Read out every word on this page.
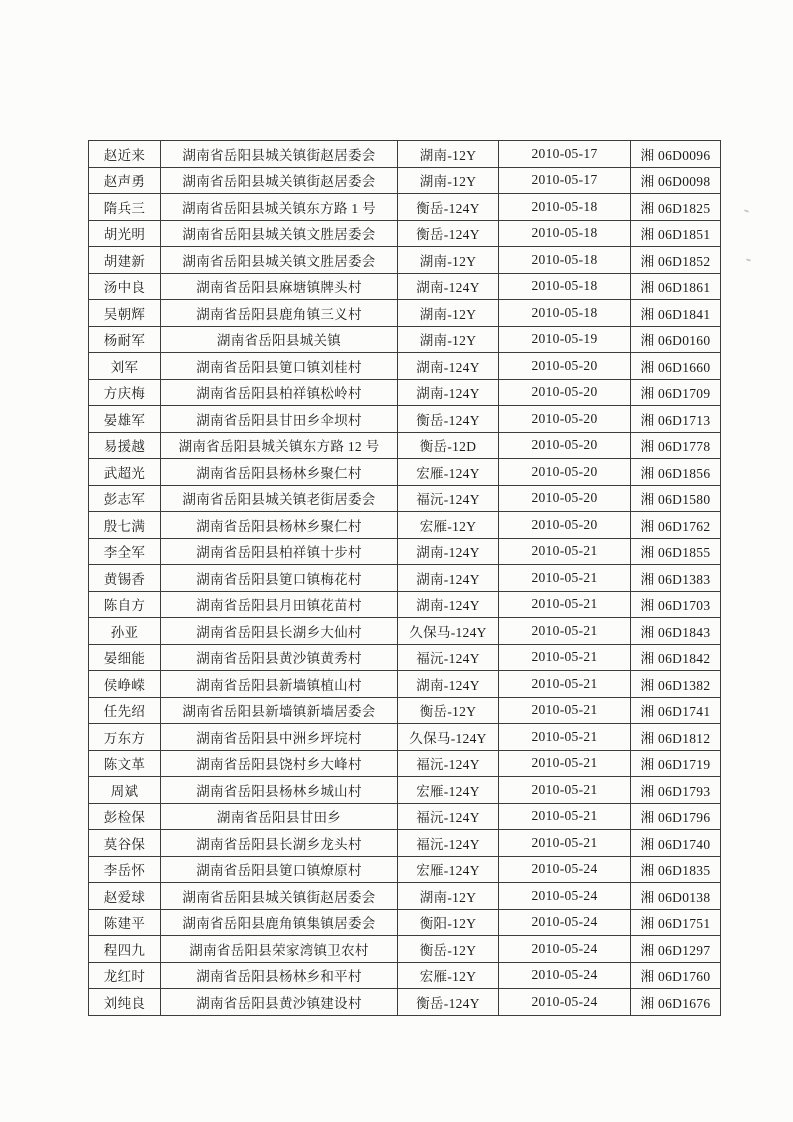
赵近来	湖南省岳阳县城关镇街赵居委会	湖南-12Y	2010-05-17	湘 06D0096
赵声勇	湖南省岳阳县城关镇街赵居委会	湖南-12Y	2010-05-17	湘 06D0098
隋兵三	湖南省岳阳县城关镇东方路 1 号	衡岳-124Y	2010-05-18	湘 06D1825
胡光明	湖南省岳阳县城关镇文胜居委会	衡岳-124Y	2010-05-18	湘 06D1851
胡建新	湖南省岳阳县城关镇文胜居委会	湖南-12Y	2010-05-18	湘 06D1852
汤中良	湖南省岳阳县麻塘镇牌头村	湖南-124Y	2010-05-18	湘 06D1861
吴朝辉	湖南省岳阳县鹿角镇三义村	湖南-12Y	2010-05-18	湘 06D1841
杨耐军	湖南省岳阳县城关镇	湖南-12Y	2010-05-19	湘 06D0160
刘军	湖南省岳阳县筻口镇刘桂村	湖南-124Y	2010-05-20	湘 06D1660
方庆梅	湖南省岳阳县柏祥镇松岭村	湖南-124Y	2010-05-20	湘 06D1709
晏雄军	湖南省岳阳县甘田乡伞坝村	衡岳-124Y	2010-05-20	湘 06D1713
易援越	湖南省岳阳县城关镇东方路 12 号	衡岳-12D	2010-05-20	湘 06D1778
武超光	湖南省岳阳县杨林乡聚仁村	宏雁-124Y	2010-05-20	湘 06D1856
彭志军	湖南省岳阳县城关镇老街居委会	福沅-124Y	2010-05-20	湘 06D1580
殷七满	湖南省岳阳县杨林乡聚仁村	宏雁-12Y	2010-05-20	湘 06D1762
李全军	湖南省岳阳县柏祥镇十步村	湖南-124Y	2010-05-21	湘 06D1855
黄锡香	湖南省岳阳县筻口镇梅花村	湖南-124Y	2010-05-21	湘 06D1383
陈自方	湖南省岳阳县月田镇花苗村	湖南-124Y	2010-05-21	湘 06D1703
孙亚	湖南省岳阳县长湖乡大仙村	久保马-124Y	2010-05-21	湘 06D1843
晏细能	湖南省岳阳县黄沙镇黄秀村	福沅-124Y	2010-05-21	湘 06D1842
侯峥嵘	湖南省岳阳县新墙镇植山村	湖南-124Y	2010-05-21	湘 06D1382
任先绍	湖南省岳阳县新墙镇新墙居委会	衡岳-12Y	2010-05-21	湘 06D1741
万东方	湖南省岳阳县中洲乡坪垸村	久保马-124Y	2010-05-21	湘 06D1812
陈文革	湖南省岳阳县饶村乡大峰村	福沅-124Y	2010-05-21	湘 06D1719
周斌	湖南省岳阳县杨林乡城山村	宏雁-124Y	2010-05-21	湘 06D1793
彭检保	湖南省岳阳县甘田乡	福沅-124Y	2010-05-21	湘 06D1796
莫谷保	湖南省岳阳县长湖乡龙头村	福沅-124Y	2010-05-21	湘 06D1740
李岳怀	湖南省岳阳县筻口镇燎原村	宏雁-124Y	2010-05-24	湘 06D1835
赵爱球	湖南省岳阳县城关镇街赵居委会	湖南-12Y	2010-05-24	湘 06D0138
陈建平	湖南省岳阳县鹿角镇集镇居委会	衡阳-12Y	2010-05-24	湘 06D1751
程四九	湖南省岳阳县荣家湾镇卫农村	衡岳-12Y	2010-05-24	湘 06D1297
龙红时	湖南省岳阳县杨林乡和平村	宏雁-12Y	2010-05-24	湘 06D1760
刘纯良	湖南省岳阳县黄沙镇建设村	衡岳-124Y	2010-05-24	湘 06D1676
